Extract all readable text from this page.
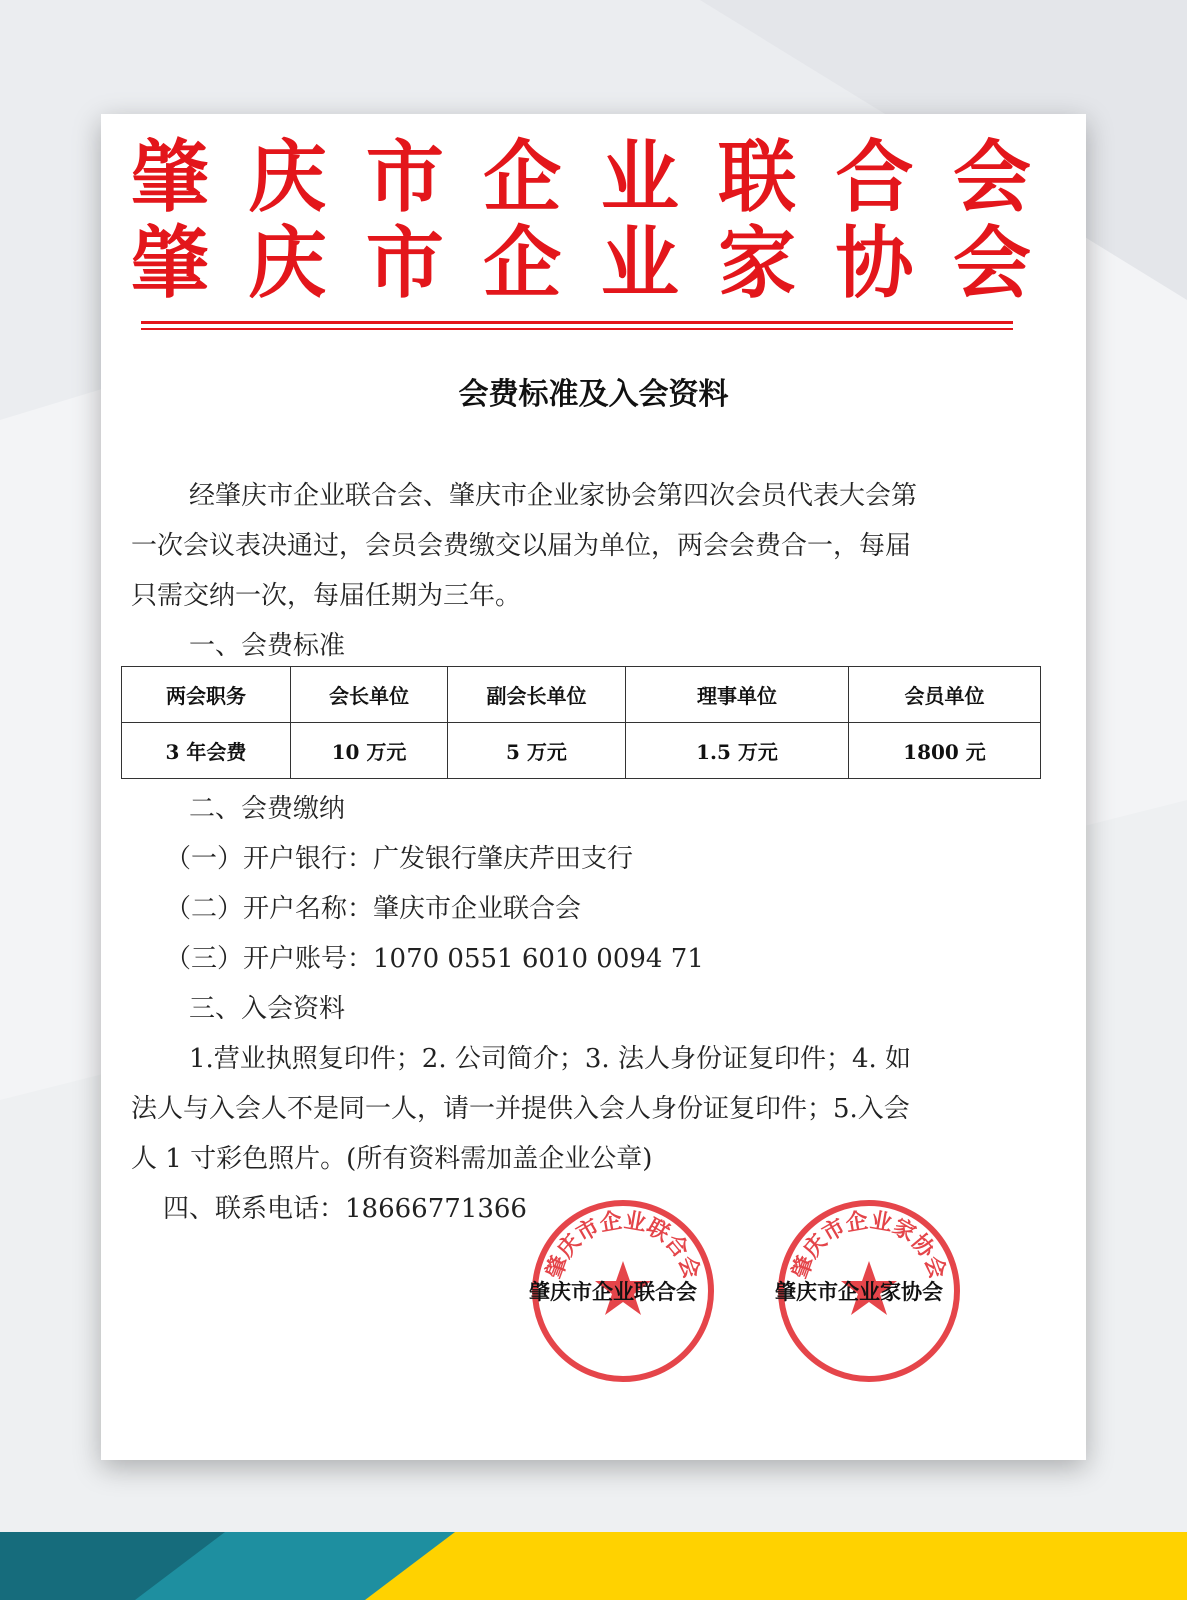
肇 庆 市 企 业 联 合 会
肇 庆 市 企 业 家 协 会
会费标准及入会资料
经肇庆市企业联合会、肇庆市企业家协会第四次会员代表大会第
一次会议表决通过，会员会费缴交以届为单位，两会会费合一，每届
只需交纳一次，每届任期为三年。
一、会费标准
两会职务	会长单位	副会长单位	理事单位	会员单位
3 年会费	10 万元	5 万元	1.5 万元	1800 元
二、会费缴纳
（一）开户银行：广发银行肇庆芹田支行
（二）开户名称：肇庆市企业联合会
（三）开户账号：1070 0551 6010 0094 71
三、入会资料
1.营业执照复印件；2. 公司简介；3. 法人身份证复印件；4. 如
法人与入会人不是同一人，请一并提供入会人身份证复印件；5.入会
人 1 寸彩色照片。(所有资料需加盖企业公章)
四、联系电话：18666771366
肇庆市企业联合会	肇庆市企业家协会
肇庆市企业联合会	肇庆市企业家协会
